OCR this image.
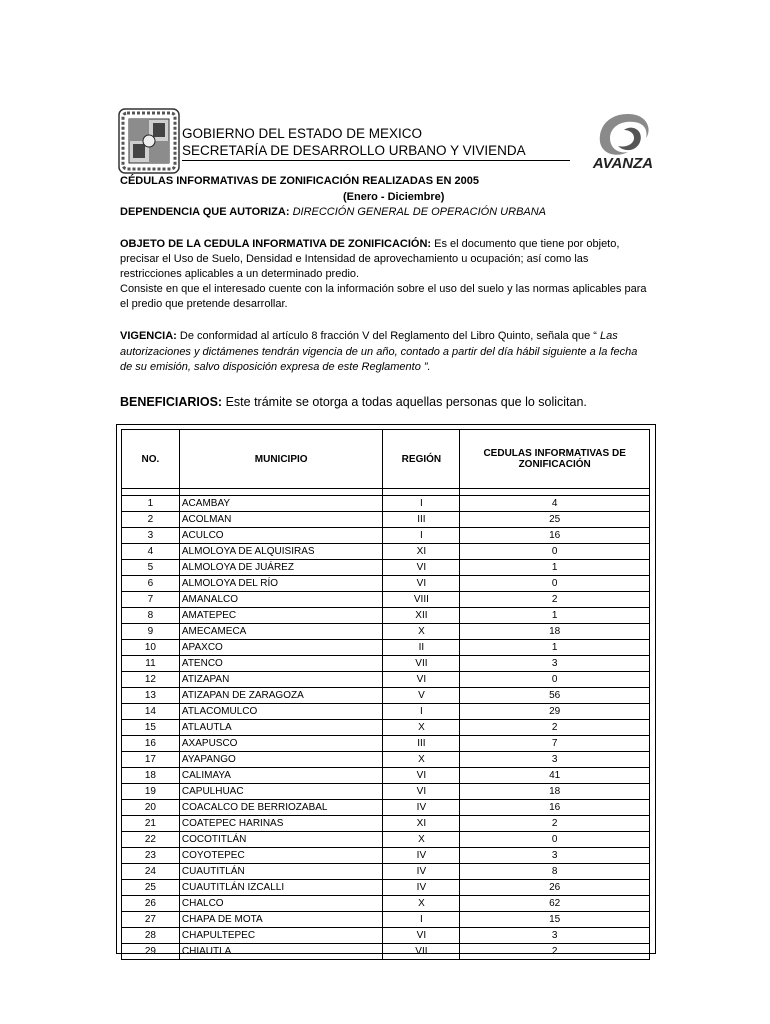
GOBIERNO DEL ESTADO DE MEXICO
SECRETARÍA DE DESARROLLO URBANO Y VIVIENDA
AVANZA
CÉDULAS INFORMATIVAS DE ZONIFICACIÓN REALIZADAS EN 2005
(Enero - Diciembre)
DEPENDENCIA QUE AUTORIZA: DIRECCIÓN GENERAL DE OPERACIÓN URBANA
OBJETO DE LA CEDULA INFORMATIVA DE ZONIFICACIÓN: Es el documento que tiene por objeto,
precisar el Uso de Suelo, Densidad e Intensidad de aprovechamiento u ocupación; así como las
restricciones aplicables a un determinado predio.
Consiste en que el interesado cuente con la información sobre el uso del suelo y las normas aplicables para
el predio que pretende desarrollar.
VIGENCIA: De conformidad al artículo 8 fracción V del Reglamento del Libro Quinto, señala que “ Las
autorizaciones y dictámenes tendrán vigencia de un año, contado a partir del día hábil siguiente a la fecha
de su emisión, salvo disposición expresa de este Reglamento ”.
BENEFICIARIOS: Este trámite se otorga a todas aquellas personas que lo solicitan.
NO.	MUNICIPIO	REGIÓN	CEDULAS INFORMATIVAS DE
ZONIFICACIÓN

1	ACAMBAY	I	4
2	ACOLMAN	III	25
3	ACULCO	I	16
4	ALMOLOYA DE ALQUISIRAS	XI	0
5	ALMOLOYA DE JUÁREZ	VI	1
6	ALMOLOYA DEL RÍO	VI	0
7	AMANALCO	VIII	2
8	AMATEPEC	XII	1
9	AMECAMECA	X	18
10	APAXCO	II	1
11	ATENCO	VII	3
12	ATIZAPAN	VI	0
13	ATIZAPAN DE ZARAGOZA	V	56
14	ATLACOMULCO	I	29
15	ATLAUTLA	X	2
16	AXAPUSCO	III	7
17	AYAPANGO	X	3
18	CALIMAYA	VI	41
19	CAPULHUAC	VI	18
20	COACALCO DE BERRIOZABAL	IV	16
21	COATEPEC HARINAS	XI	2
22	COCOTITLÁN	X	0
23	COYOTEPEC	IV	3
24	CUAUTITLÁN	IV	8
25	CUAUTITLÁN IZCALLI	IV	26
26	CHALCO	X	62
27	CHAPA DE MOTA	I	15
28	CHAPULTEPEC	VI	3
29	CHIAUTLA	VII	2
